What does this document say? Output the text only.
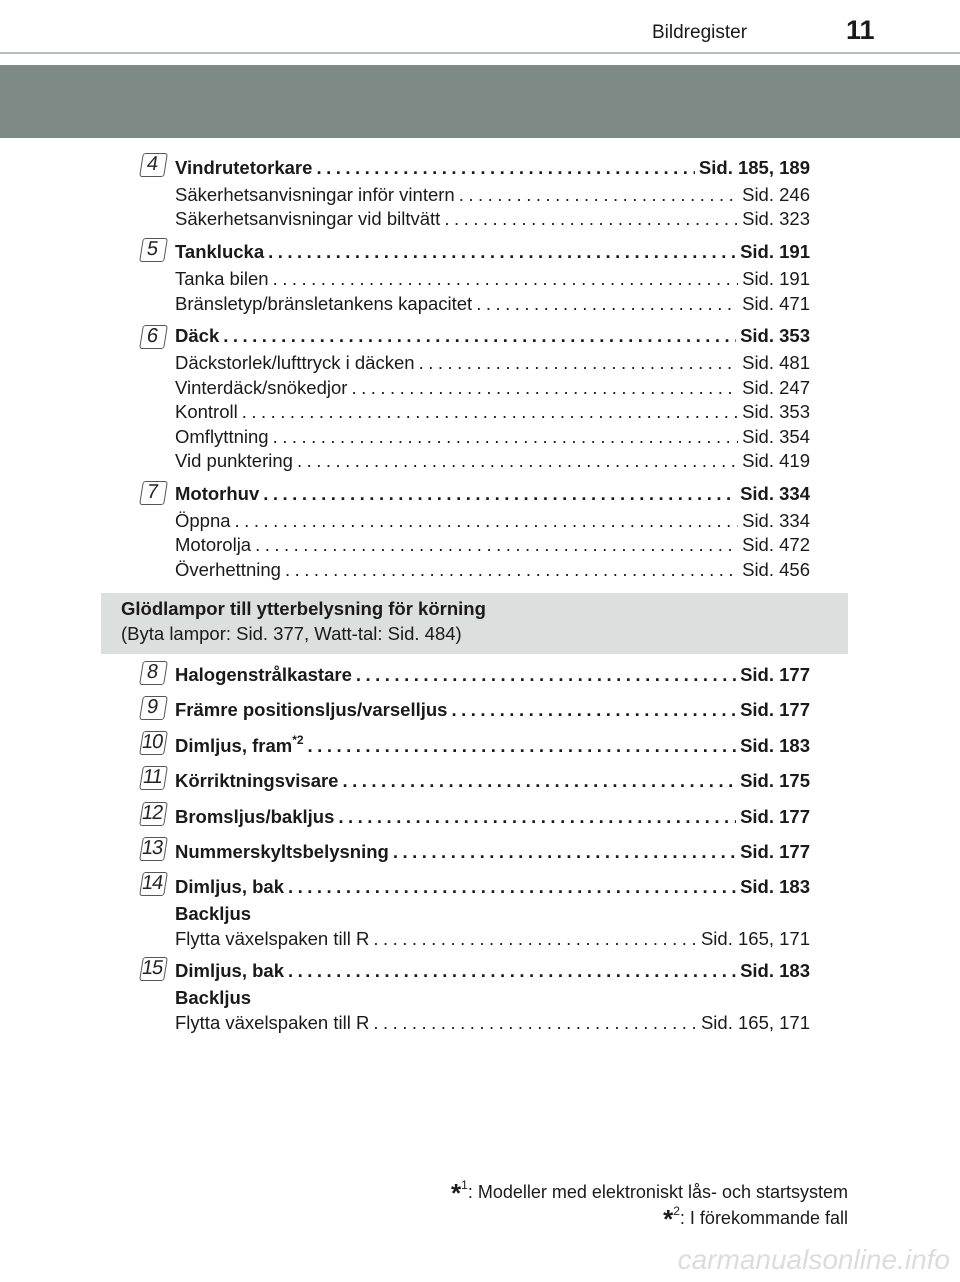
Bildregister	11
4 Vindrutetorkare .....	Sid. 185, 189
Säkerhetsanvisningar inför vintern .....	Sid. 246
Säkerhetsanvisningar vid biltvätt .....	Sid. 323
5 Tanklucka .....	Sid. 191
Tanka bilen .....	Sid. 191
Bränsletyp/bränsletankens kapacitet .....	Sid. 471
6 Däck .....	Sid. 353
Däckstorlek/lufttryck i däcken .....	Sid. 481
Vinterdäck/snökedjor .....	Sid. 247
Kontroll .....	Sid. 353
Omflyttning .....	Sid. 354
Vid punktering .....	Sid. 419
7 Motorhuv .....	Sid. 334
Öppna .....	Sid. 334
Motorolja .....	Sid. 472
Överhettning .....	Sid. 456
Glödlampor till ytterbelysning för körning
(Byta lampor: Sid. 377, Watt-tal: Sid. 484)
8 Halogenstrålkastare .....	Sid. 177
9 Främre positionsljus/varselljus .....	Sid. 177
10 Dimljus, fram$^{*2}$ .....	Sid. 183
11 Körriktningsvisare .....	Sid. 175
12 Bromsljus/bakljus .....	Sid. 177
13 Nummerskyltsbelysning .....	Sid. 177
14 Dimljus, bak .....	Sid. 183
Backljus
Flytta växelspaken till R .....	Sid. 165, 171
15 Dimljus, bak .....	Sid. 183
Backljus
Flytta växelspaken till R .....	Sid. 165, 171
*$^1$: Modeller med elektroniskt lås- och startsystem
*$^2$: I förekommande fall
carmanualsonline.info
